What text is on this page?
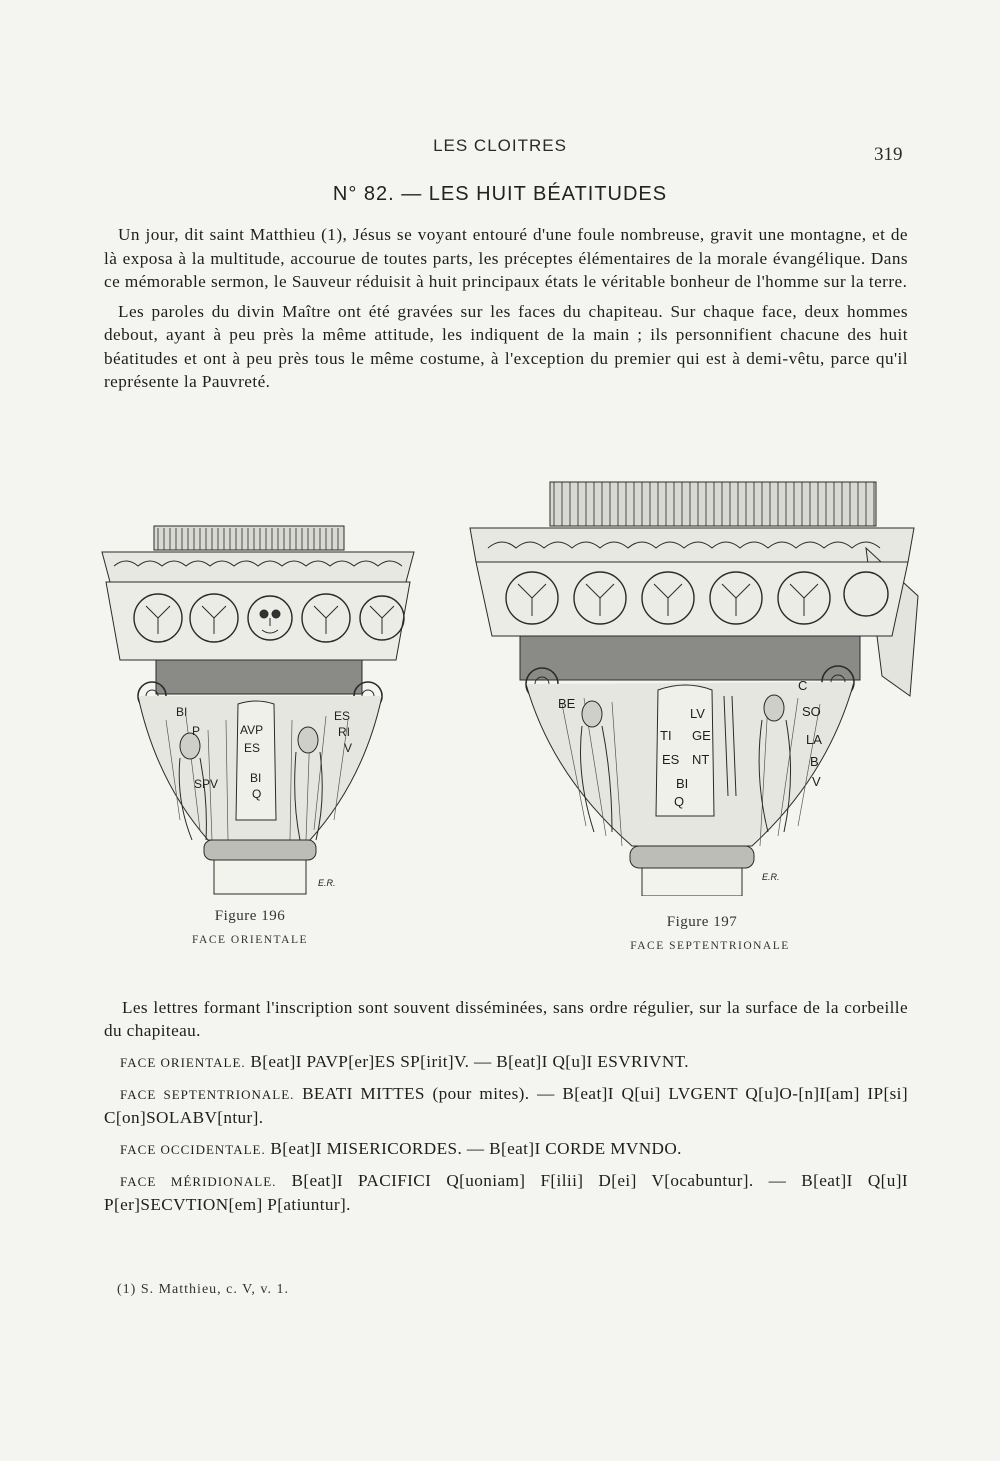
LES CLOITRES	319
N° 82. — LES HUIT BÉATITUDES

Un jour, dit saint Matthieu (1), Jésus se voyant entouré d'une foule nombreuse, gravit une montagne, et de là exposa à la multitude, accourue de toutes parts, les préceptes élémentaires de la morale évangélique. Dans ce mémorable sermon, le Sauveur réduisit à huit principaux états le véritable bonheur de l'homme sur la terre.

Les paroles du divin Maître ont été gravées sur les faces du chapiteau. Sur chaque face, deux hommes debout, ayant à peu près la même attitude, les indiquent de la main ; ils personnifient chacune des huit béatitudes et ont à peu près tous le même costume, à l'exception du premier qui est à demi-vêtu, parce qu'il représente la Pauvreté.

BI
P	AVP
ES
SPV	BI
Q
ES
RI
V
E.R.
Figure 196
FACE ORIENTALE
BE
LV
TI GE
ES NT
BI
Q
C
SO
LA
B
V
E.R.
Figure 197
FACE SEPTENTRIONALE

Les lettres formant l'inscription sont souvent disséminées, sans ordre régulier, sur la surface de la corbeille du chapiteau.

FACE ORIENTALE. B[eat]I PAVP[er]ES SP[irit]V. — B[eat]I Q[u]I ESVRIVNT.

FACE SEPTENTRIONALE. BEATI MITTES (pour mites). — B[eat]I Q[ui] LVGENT Q[u]O-[n]I[am] IP[si] C[on]SOLABV[ntur].

FACE OCCIDENTALE. B[eat]I MISERICORDES. — B[eat]I CORDE MVNDO.

FACE MÉRIDIONALE. B[eat]I PACIFICI Q[uoniam] F[ilii] D[ei] V[ocabuntur]. — B[eat]I Q[u]I P[er]SECVTION[em] P[atiuntur].

(1) S. Matthieu, c. V, v. 1.
